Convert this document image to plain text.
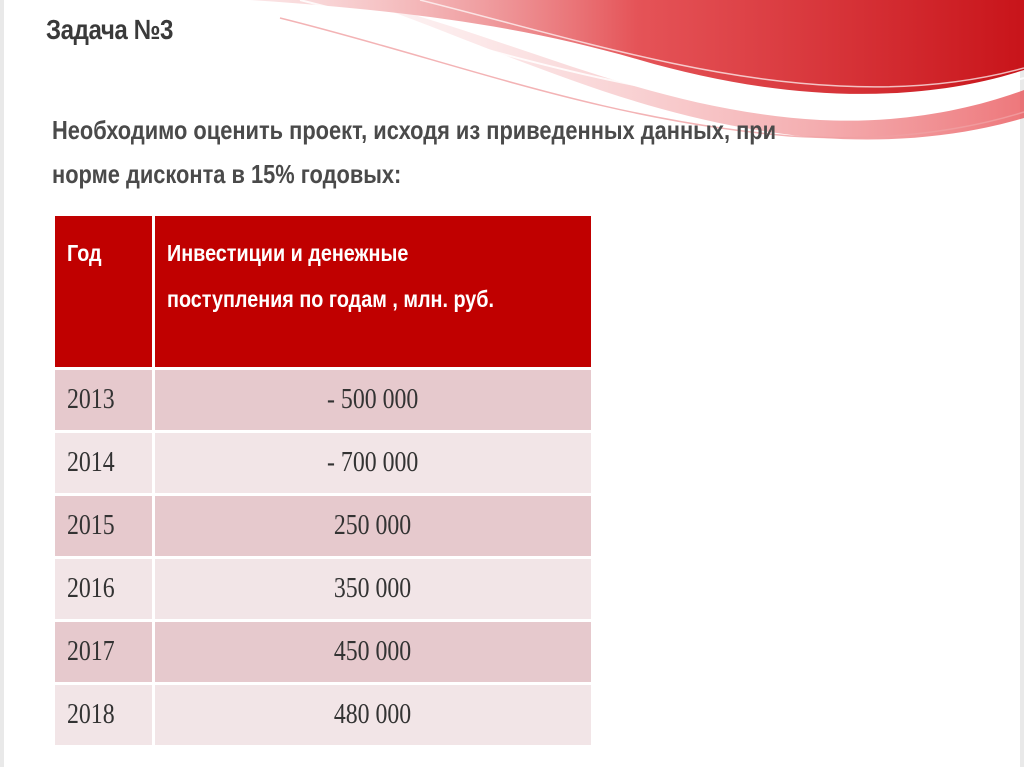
Задача №3

Необходимо оценить проект, исходя из приведенных данных, при
норме дисконта в 15% годовых:

Год	Инвестиции и денежные
поступления по годам , млн. руб.

2013	- 500 000
2014	- 700 000
2015	250 000
2016	350 000
2017	450 000
2018	480 000
